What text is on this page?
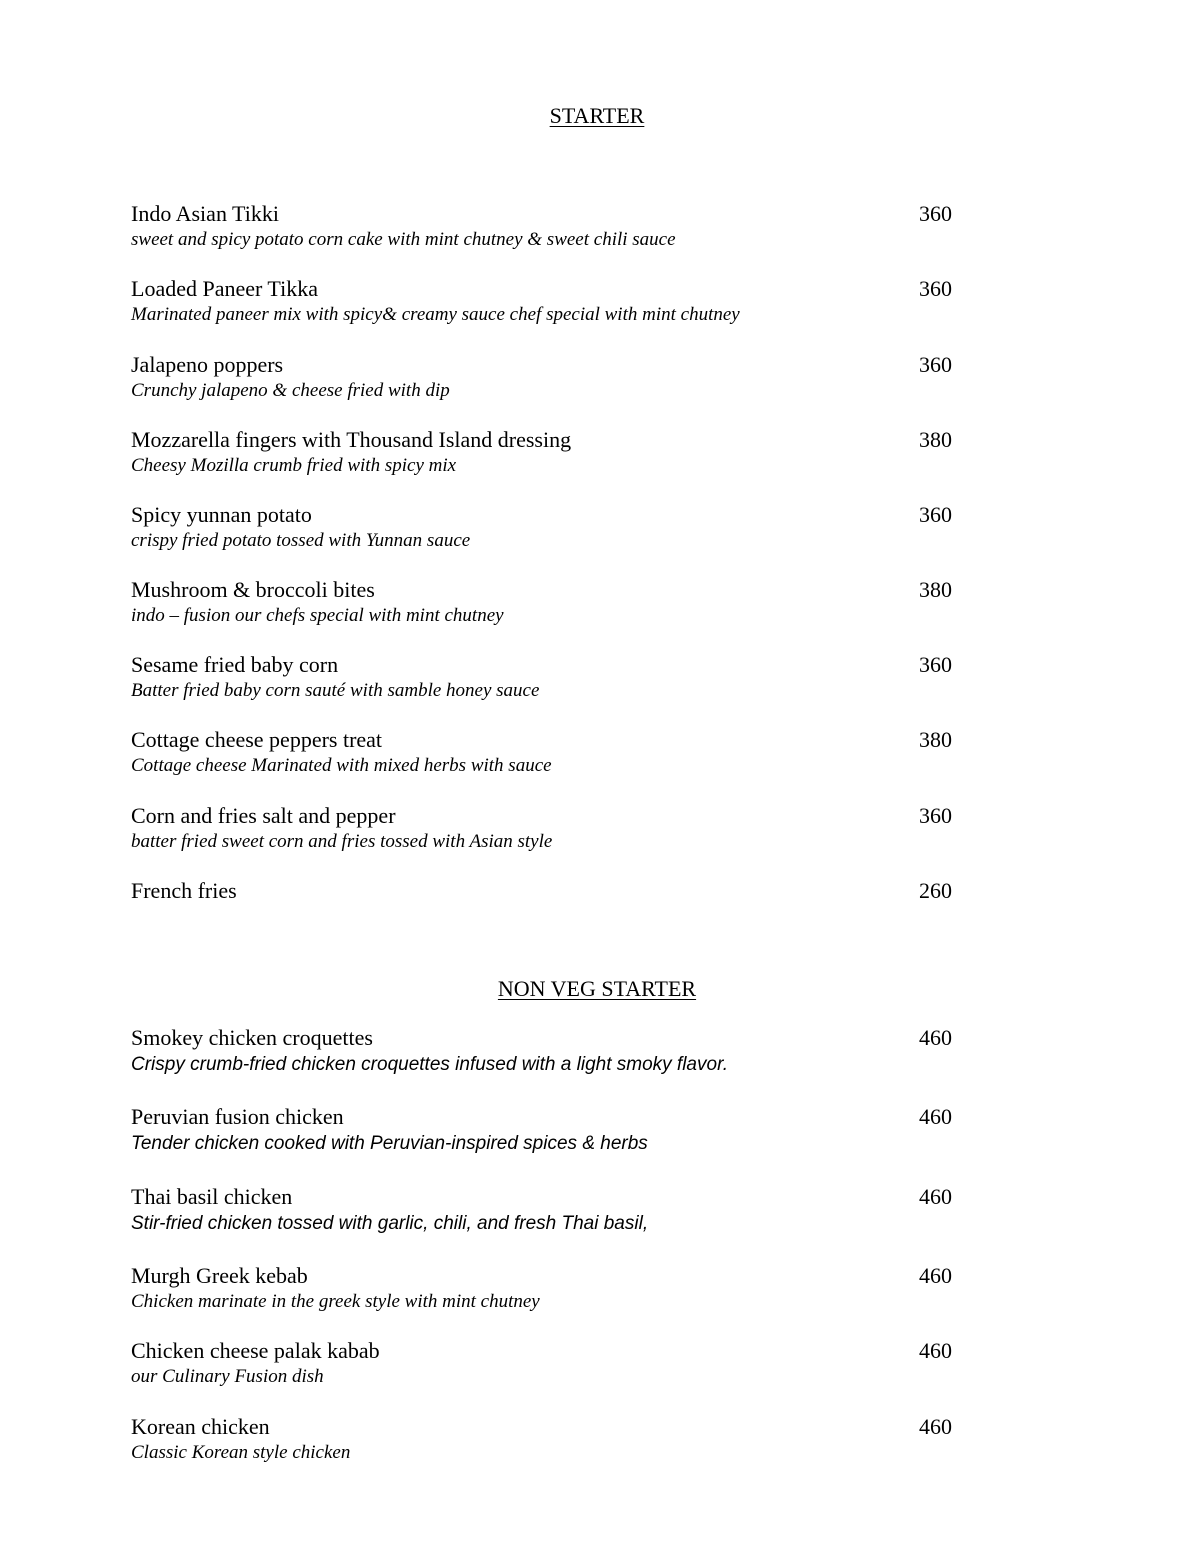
STARTER
Indo Asian Tikki	360
sweet and spicy potato corn cake with mint chutney & sweet chili sauce
Loaded Paneer Tikka	360
Marinated paneer mix with spicy& creamy sauce chef special with mint chutney
Jalapeno poppers	360
Crunchy jalapeno & cheese fried with dip
Mozzarella fingers with Thousand Island dressing	380
Cheesy Mozilla crumb fried with spicy mix
Spicy yunnan potato	360
crispy fried potato tossed with Yunnan sauce
Mushroom & broccoli bites	380
indo – fusion our chefs special with mint chutney
Sesame fried baby corn	360
Batter fried baby corn sauté with samble honey sauce
Cottage cheese peppers treat	380
Cottage cheese Marinated with mixed herbs with sauce
Corn and fries salt and pepper	360
batter fried sweet corn and fries tossed with Asian style
French fries	260
NON VEG STARTER
Smokey chicken croquettes	460
Crispy crumb-fried chicken croquettes infused with a light smoky flavor.
Peruvian fusion chicken	460
Tender chicken cooked with Peruvian-inspired spices & herbs
Thai basil chicken	460
Stir-fried chicken tossed with garlic, chili, and fresh Thai basil,
Murgh Greek kebab	460
Chicken marinate in the greek style with mint chutney
Chicken cheese palak kabab	460
our Culinary Fusion dish
Korean chicken	460
Classic Korean style chicken
